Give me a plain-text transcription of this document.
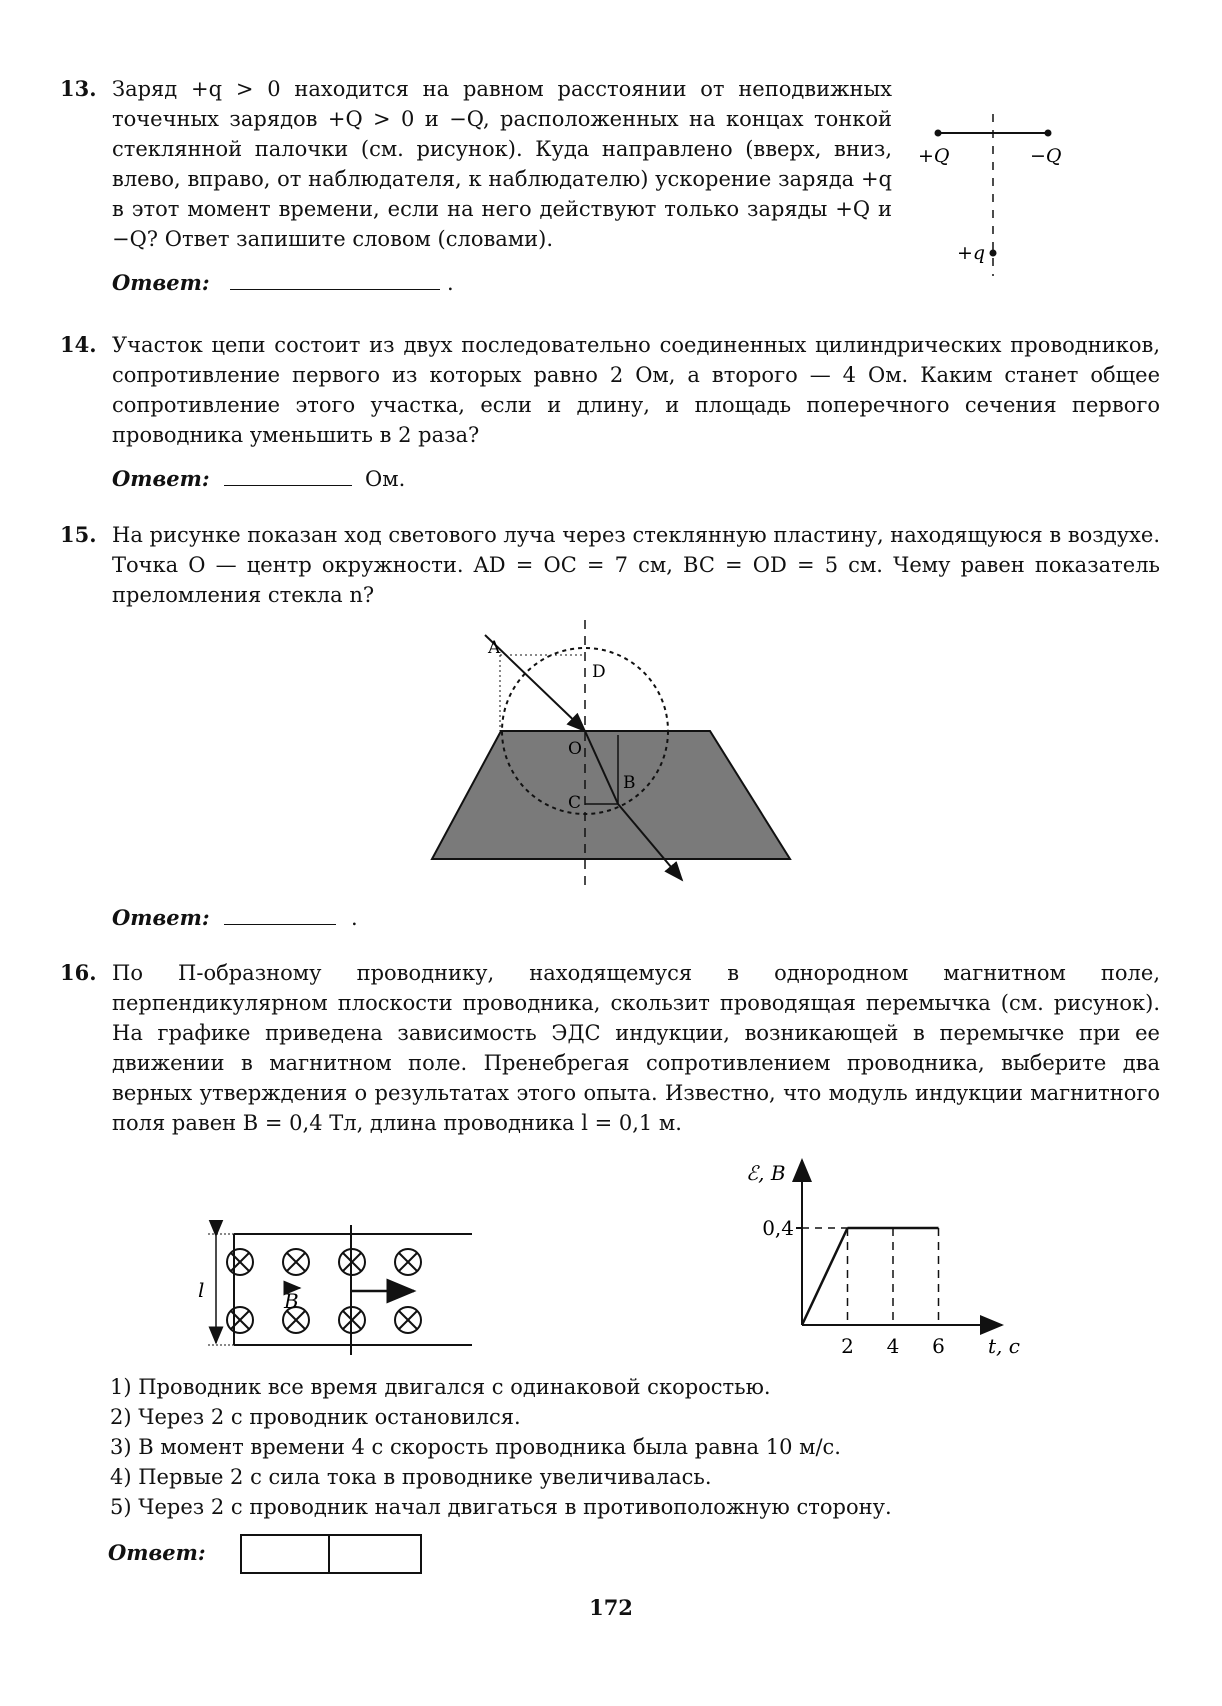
13. Заряд +q > 0 находится на равном расстоянии от неподвижных точечных зарядов +Q > 0 и −Q, расположенных на концах тонкой стеклянной палочки (см. рисунок). Куда направлено (вверх, вниз, влево, вправо, от наблюдателя, к наблюдателю) ускорение заряда +q в этот момент времени, если на него действуют только заряды +Q и −Q? Ответ запишите словом (словами).
Ответ:	.
+Q	−Q
+q
14. Участок цепи состоит из двух последовательно соединенных цилиндрических проводников, сопротивление первого из которых равно 2 Ом, а второго — 4 Ом. Каким станет общее сопротивление этого участка, если и длину, и площадь поперечного сечения первого проводника уменьшить в 2 раза?
Ответ:	Ом.
15. На рисунке показан ход светового луча через стеклянную пластину, находящуюся в воздухе. Точка O — центр окружности. AD = OC = 7 см, BC = OD = 5 см. Чему равен показатель преломления стекла n?
A
D
O
B
C
Ответ:	.
16. По П-образному проводнику, находящемуся в однородном магнитном поле, перпендикулярном плоскости проводника, скользит проводящая перемычка (см. рисунок). На графике приведена зависимость ЭДС индукции, возникающей в перемычке при ее движении в магнитном поле. Пренебрегая сопротивлением проводника, выберите два верных утверждения о результатах этого опыта. Известно, что модуль индукции магнитного поля равен B = 0,4 Тл, длина проводника l = 0,1 м.
l	B
ℰ, B
t, c
0,4
2 4 6
1) Проводник все время двигался с одинаковой скоростью.
2) Через 2 с проводник остановился.
3) В момент времени 4 с скорость проводника была равна 10 м/с.
4) Первые 2 с сила тока в проводнике увеличивалась.
5) Через 2 с проводник начал двигаться в противоположную сторону.
Ответ:
172
